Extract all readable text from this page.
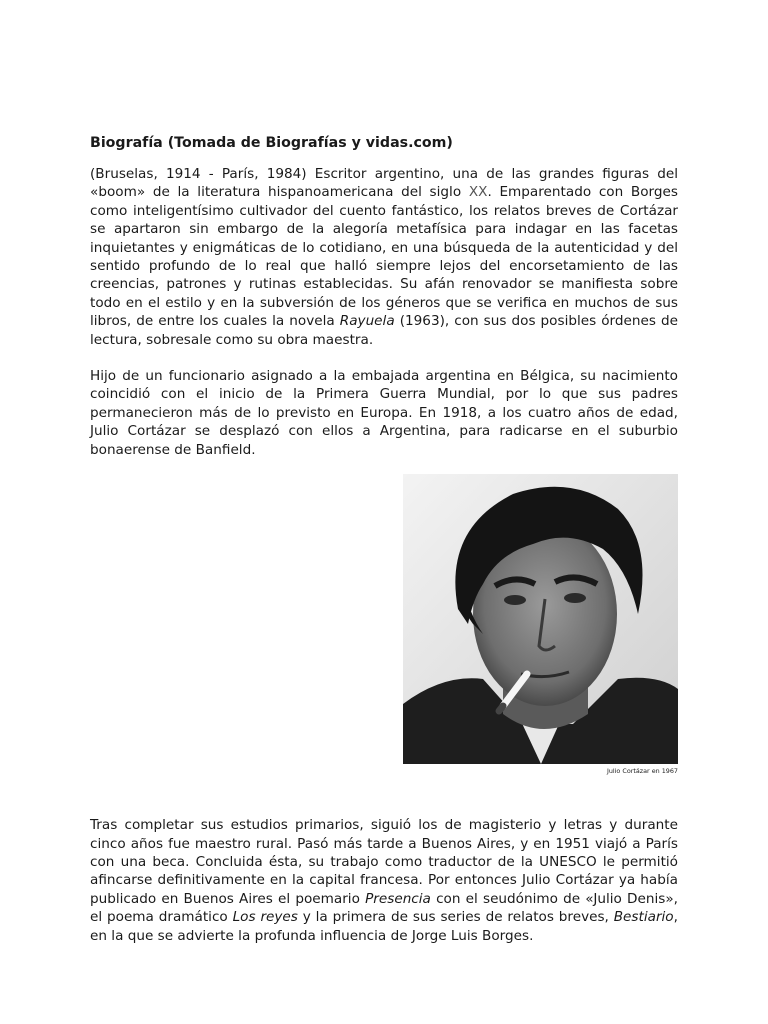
Biografía (Tomada de Biografías y vidas.com)

(Bruselas, 1914 - París, 1984) Escritor argentino, una de las grandes figuras del «boom» de la literatura hispanoamericana del siglo XX. Emparentado con Borges como inteligentísimo cultivador del cuento fantástico, los relatos breves de Cortázar se apartaron sin embargo de la alegoría metafísica para indagar en las facetas inquietantes y enigmáticas de lo cotidiano, en una búsqueda de la autenticidad y del sentido profundo de lo real que halló siempre lejos del encorsetamiento de las creencias, patrones y rutinas establecidas. Su afán renovador se manifiesta sobre todo en el estilo y en la subversión de los géneros que se verifica en muchos de sus libros, de entre los cuales la novela Rayuela (1963), con sus dos posibles órdenes de lectura, sobresale como su obra maestra.

Hijo de un funcionario asignado a la embajada argentina en Bélgica, su nacimiento coincidió con el inicio de la Primera Guerra Mundial, por lo que sus padres permanecieron más de lo previsto en Europa. En 1918, a los cuatro años de edad, Julio Cortázar se desplazó con ellos a Argentina, para radicarse en el suburbio bonaerense de Banfield.

Julio Cortázar en 1967

Tras completar sus estudios primarios, siguió los de magisterio y letras y durante cinco años fue maestro rural. Pasó más tarde a Buenos Aires, y en 1951 viajó a París con una beca. Concluida ésta, su trabajo como traductor de la UNESCO le permitió afincarse definitivamente en la capital francesa. Por entonces Julio Cortázar ya había publicado en Buenos Aires el poemario Presencia con el seudónimo de «Julio Denis», el poema dramático Los reyes y la primera de sus series de relatos breves, Bestiario, en la que se advierte la profunda influencia de Jorge Luis Borges.
